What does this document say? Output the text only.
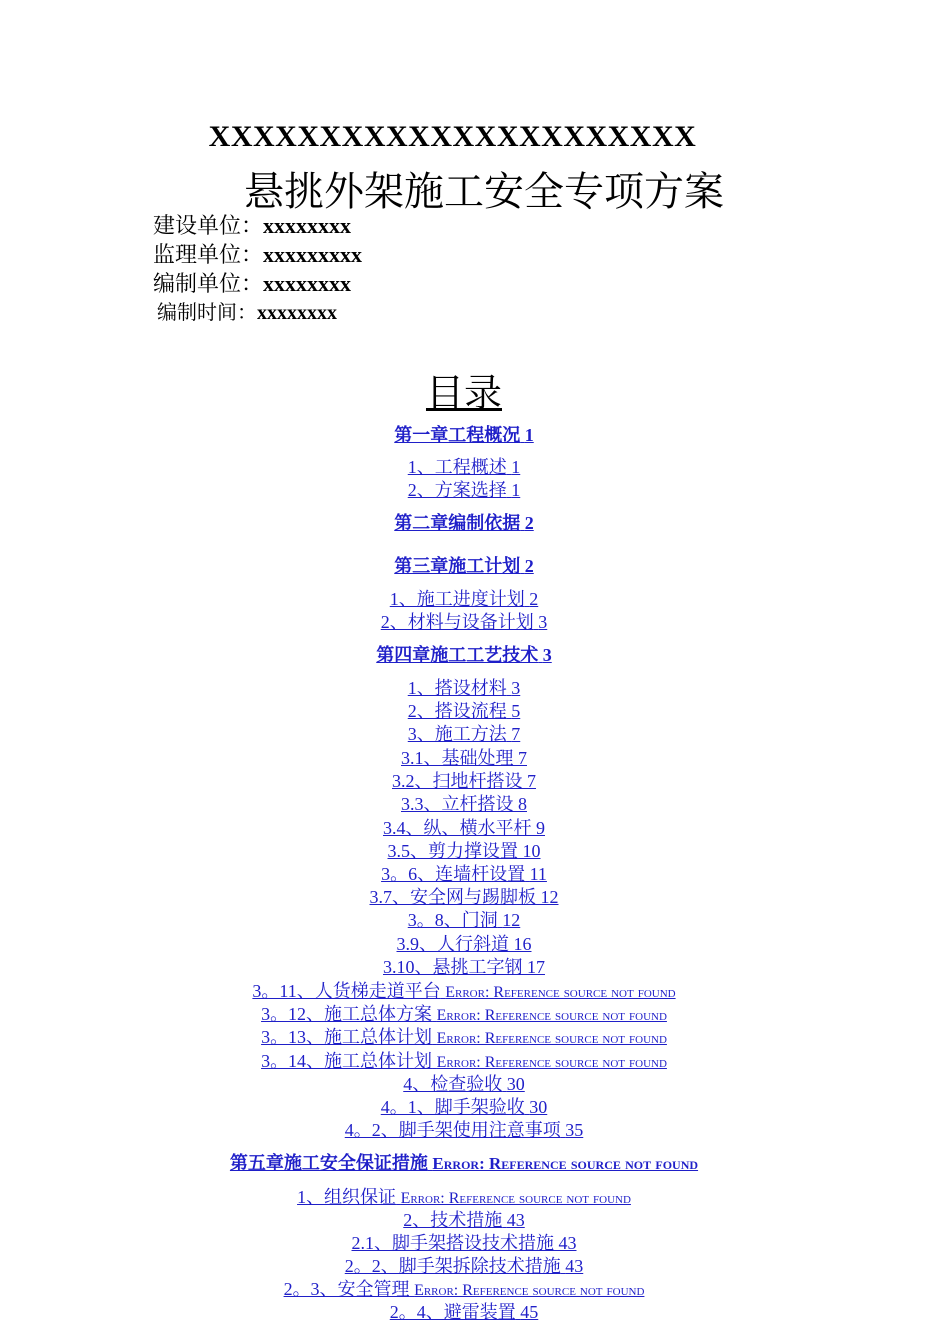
XXXXXXXXXXXXXXXXXXXXXX
悬挑外架施工安全专项方案
建设单位：xxxxxxxx
监理单位：xxxxxxxxx
编制单位：xxxxxxxx
编制时间：xxxxxxxx
目录
第一章工程概况 1
1、工程概述 1
2、方案选择 1
第二章编制依据 2
第三章施工计划 2
1、施工进度计划 2
2、材料与设备计划 3
第四章施工工艺技术 3
1、搭设材料 3
2、搭设流程 5
3、施工方法 7
3.1、基础处理 7
3.2、扫地杆搭设 7
3.3、立杆搭设 8
3.4、纵、横水平杆 9
3.5、剪力撑设置 10
3。6、连墙杆设置 11
3.7、安全网与踢脚板 12
3。8、门洞 12
3.9、人行斜道 16
3.10、悬挑工字钢 17
3。11、人货梯走道平台 Error: Reference source not found
3。12、施工总体方案 Error: Reference source not found
3。13、施工总体计划 Error: Reference source not found
3。14、施工总体计划 Error: Reference source not found
4、检查验收 30
4。1、脚手架验收 30
4。2、脚手架使用注意事项 35
第五章施工安全保证措施 Error: Reference source not found
1、组织保证 Error: Reference source not found
2、技术措施 43
2.1、脚手架搭设技术措施 43
2。2、脚手架拆除技术措施 43
2。3、安全管理 Error: Reference source not found
2。4、避雷装置 45
